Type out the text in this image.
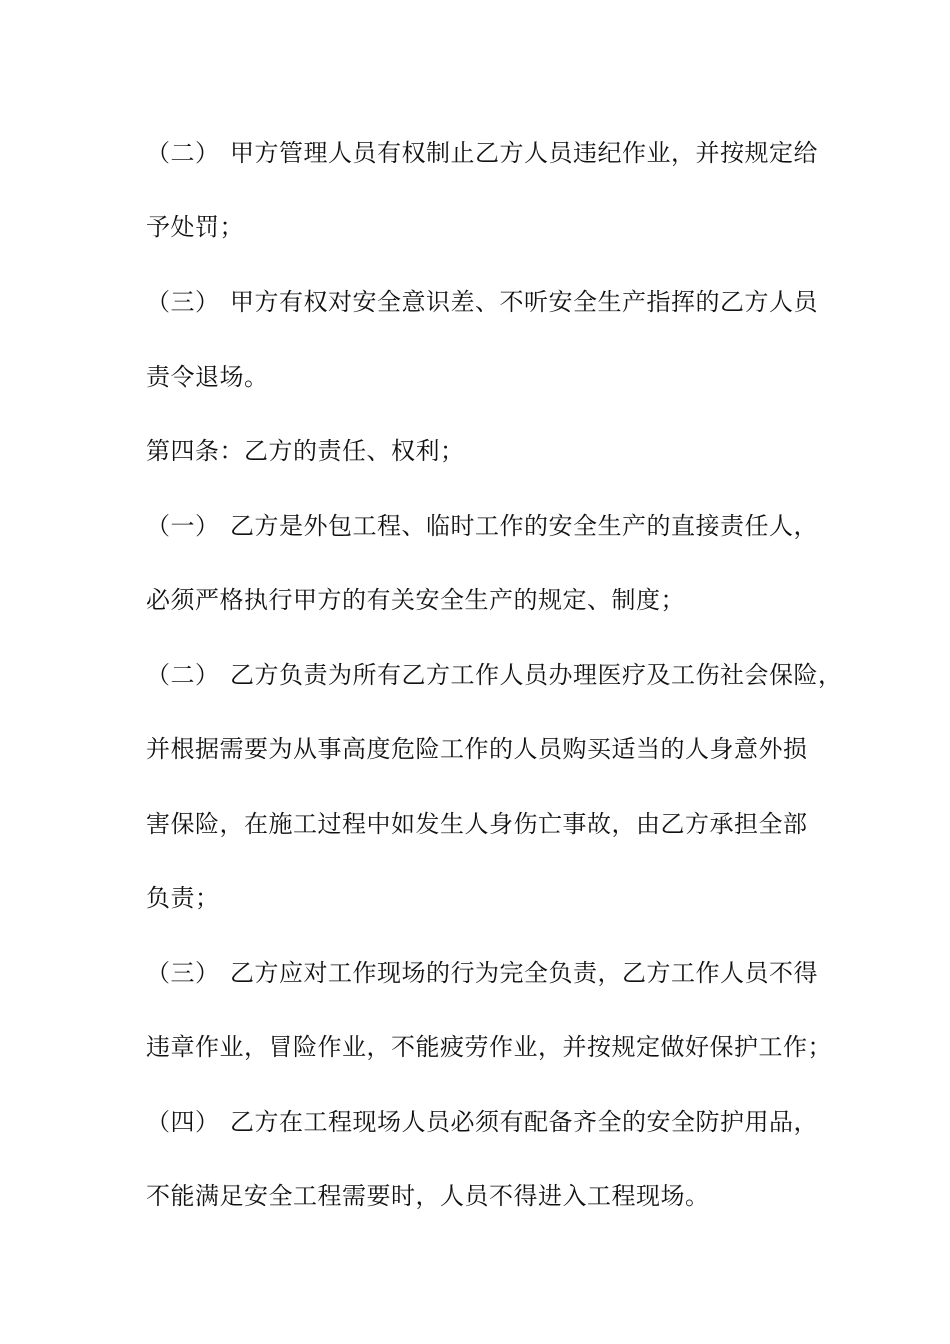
（二） 甲方管理人员有权制止乙方人员违纪作业，并按规定给
予处罚；
（三） 甲方有权对安全意识差、不听安全生产指挥的乙方人员
责令退场。
第四条：乙方的责任、权利；
（一） 乙方是外包工程、临时工作的安全生产的直接责任人，
必须严格执行甲方的有关安全生产的规定、制度；
（二） 乙方负责为所有乙方工作人员办理医疗及工伤社会保险，
并根据需要为从事高度危险工作的人员购买适当的人身意外损
害保险，在施工过程中如发生人身伤亡事故，由乙方承担全部
负责；
（三） 乙方应对工作现场的行为完全负责，乙方工作人员不得
违章作业，冒险作业，不能疲劳作业，并按规定做好保护工作；
（四） 乙方在工程现场人员必须有配备齐全的安全防护用品，
不能满足安全工程需要时，人员不得进入工程现场。
